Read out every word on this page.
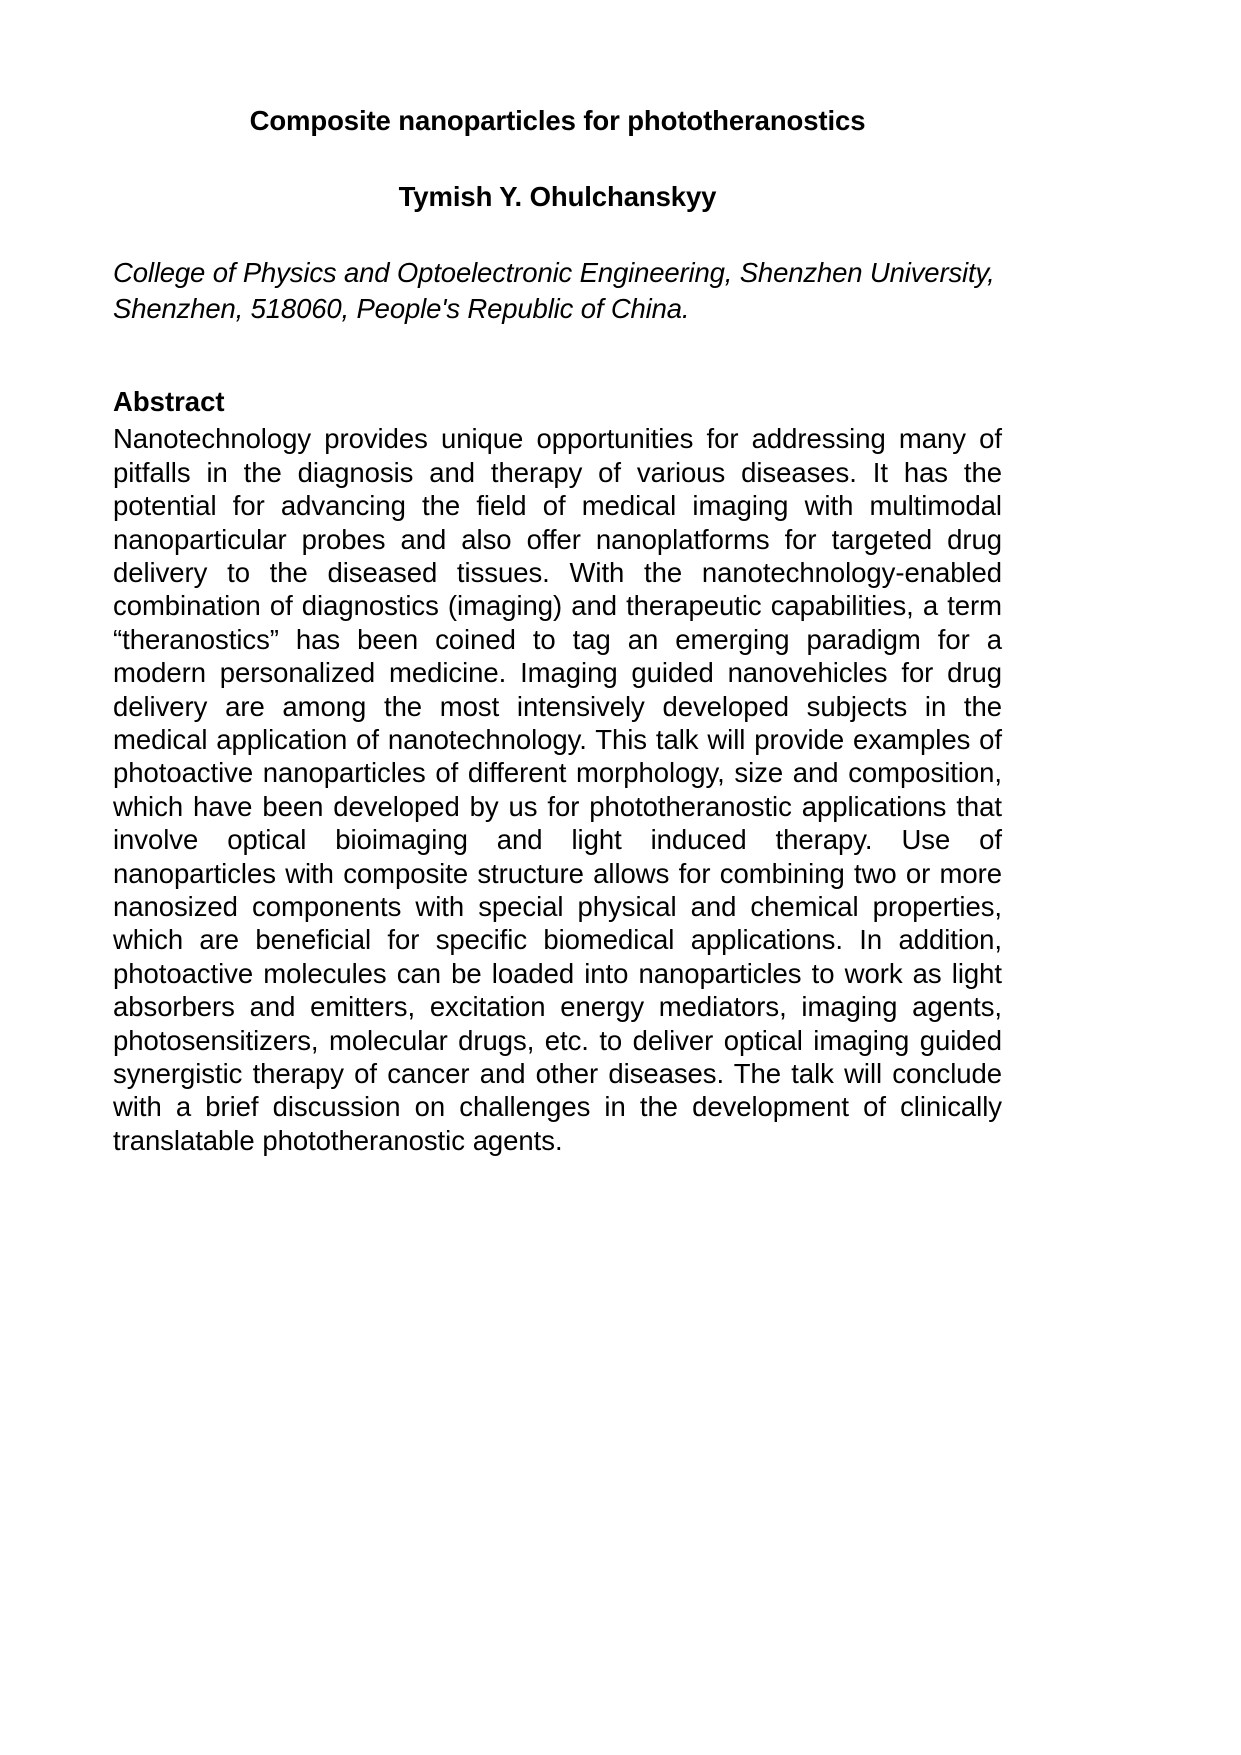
Composite nanoparticles for phototheranostics
Tymish Y. Ohulchanskyy

College of Physics and Optoelectronic Engineering, Shenzhen University, Shenzhen, 518060, People's Republic of China.

Abstract

Nanotechnology provides unique opportunities for addressing many of pitfalls in the diagnosis and therapy of various diseases. It has the potential for advancing the field of medical imaging with multimodal nanoparticular probes and also offer nanoplatforms for targeted drug delivery to the diseased tissues. With the nanotechnology-enabled combination of diagnostics (imaging) and therapeutic capabilities, a term “theranostics” has been coined to tag an emerging paradigm for a modern personalized medicine. Imaging guided nanovehicles for drug delivery are among the most intensively developed subjects in the medical application of nanotechnology. This talk will provide examples of photoactive nanoparticles of different morphology, size and composition, which have been developed by us for phototheranostic applications that involve optical bioimaging and light induced therapy. Use of nanoparticles with composite structure allows for combining two or more nanosized components with special physical and chemical properties, which are beneficial for specific biomedical applications. In addition, photoactive molecules can be loaded into nanoparticles to work as light absorbers and emitters, excitation energy mediators, imaging agents, photosensitizers, molecular drugs, etc. to deliver optical imaging guided synergistic therapy of cancer and other diseases. The talk will conclude with a brief discussion on challenges in the development of clinically translatable phototheranostic agents.
